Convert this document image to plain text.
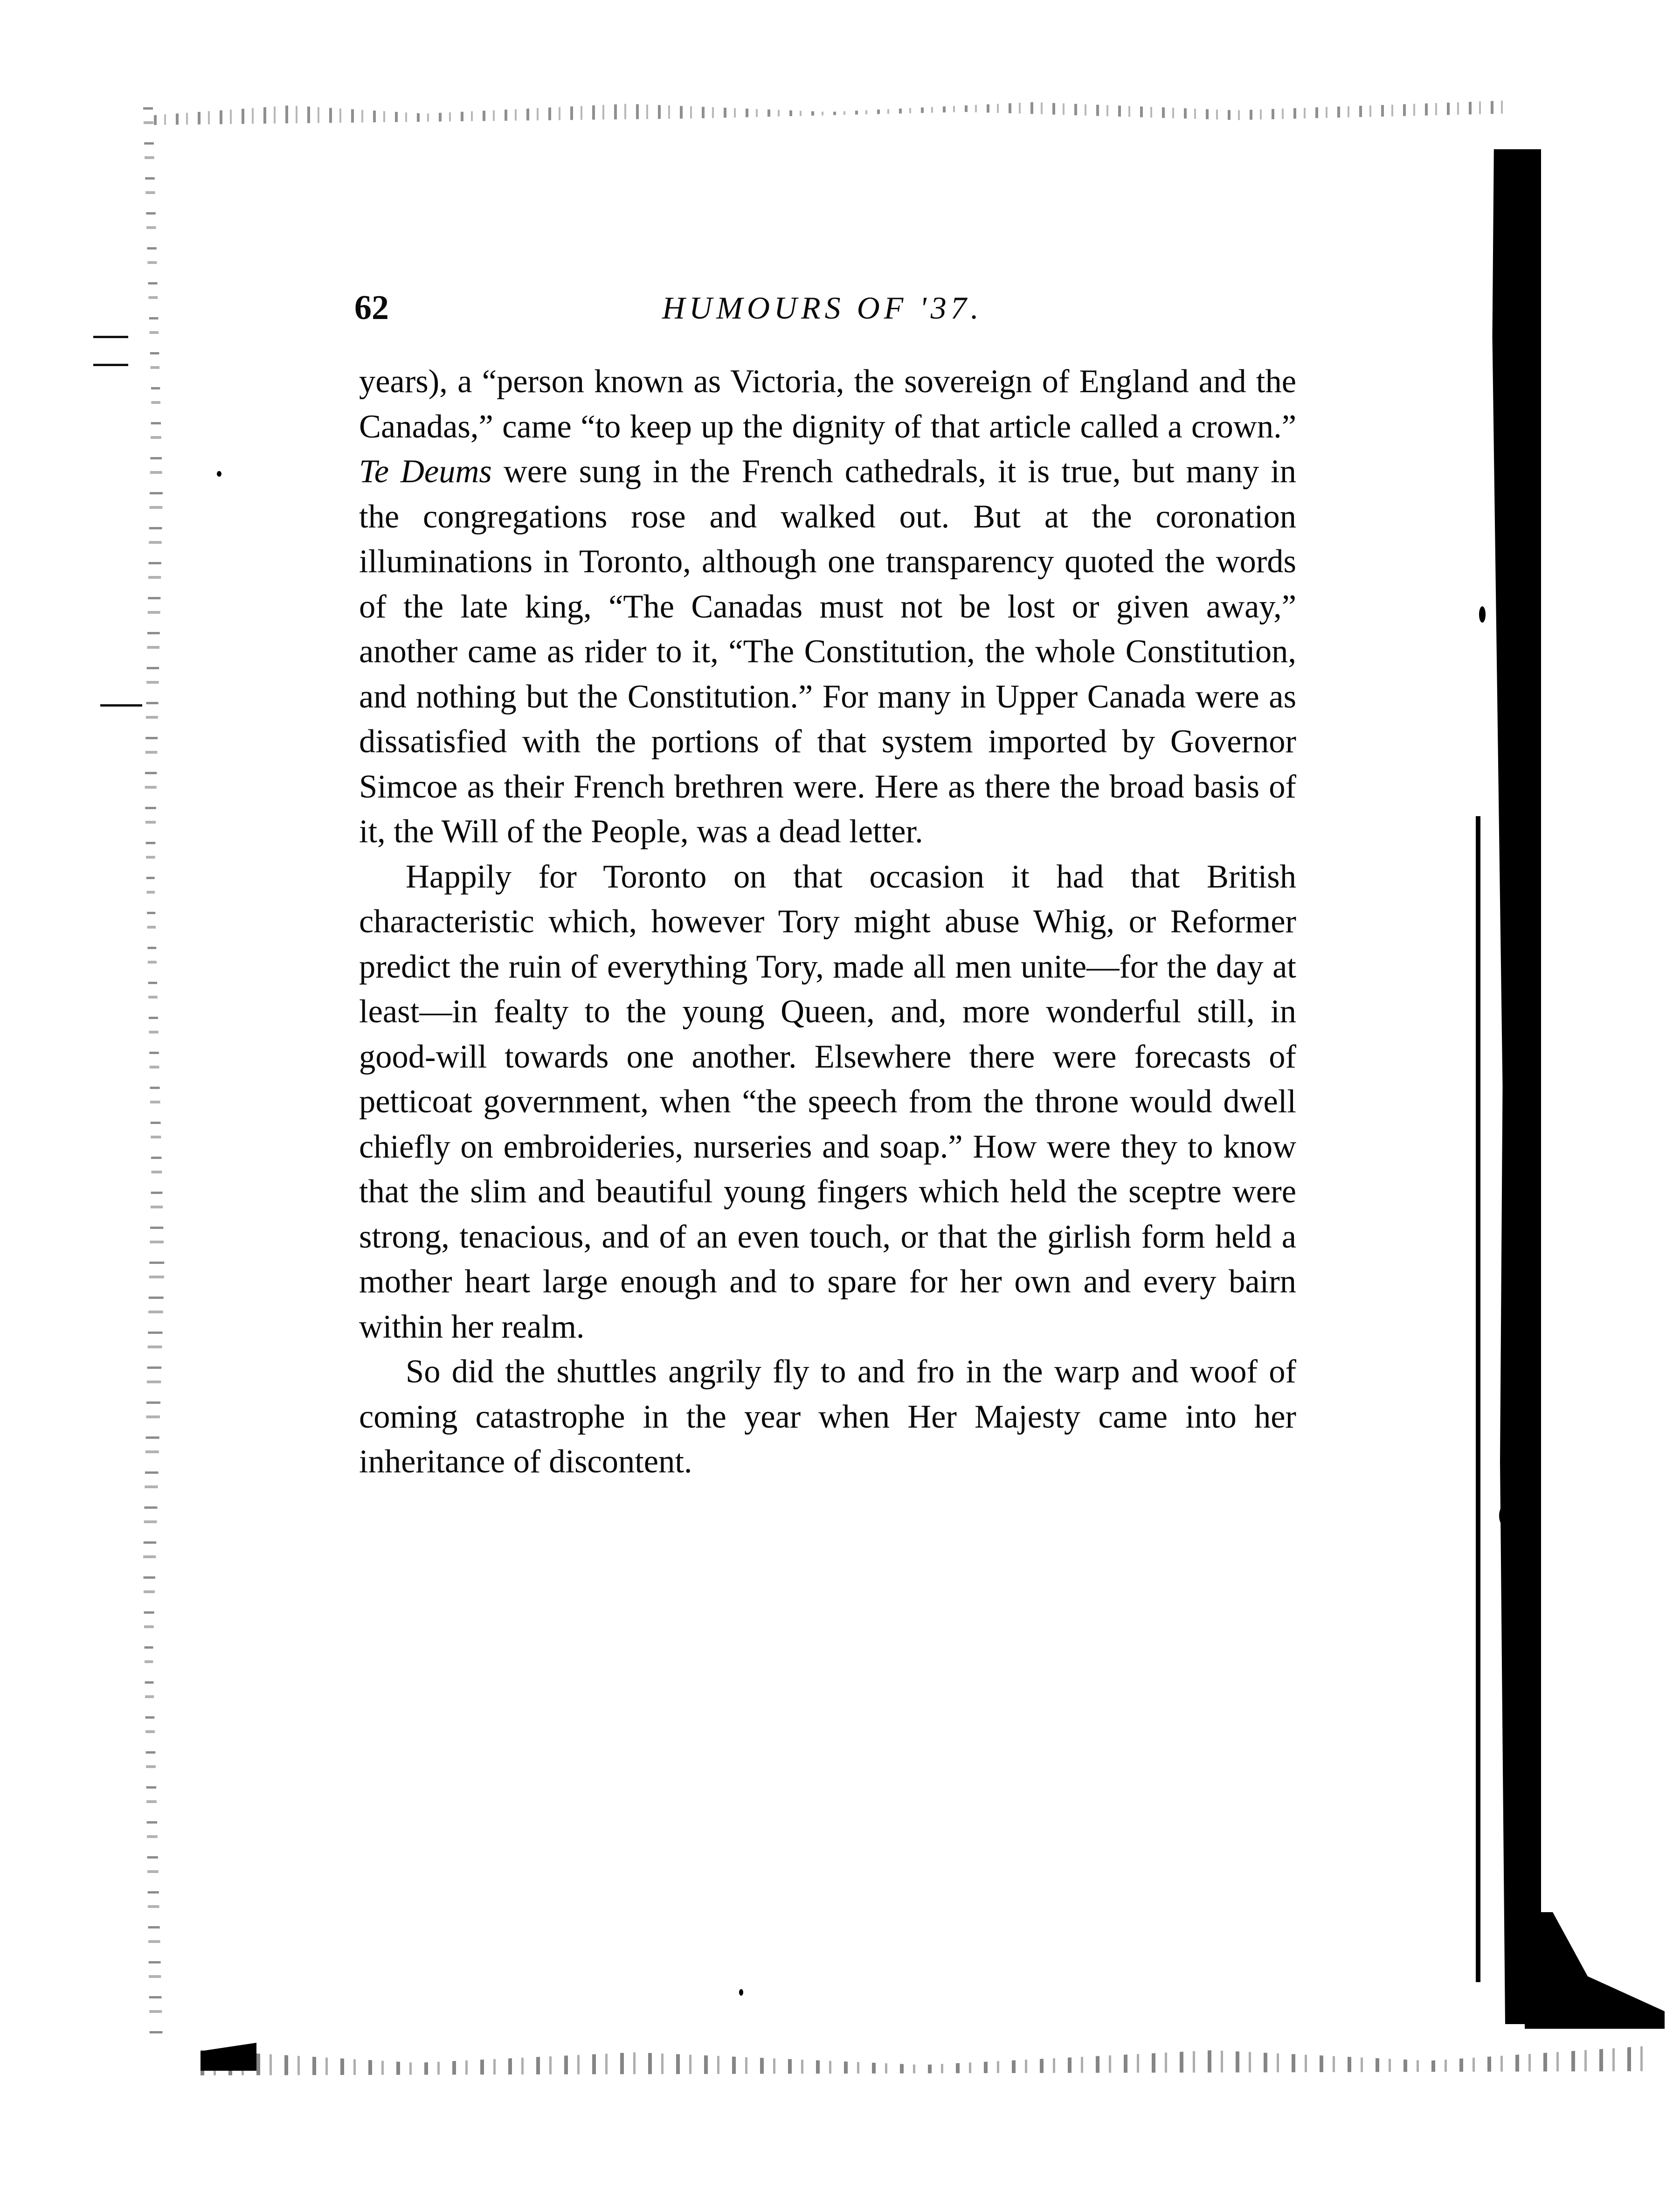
62	HUMOURS OF '37.

years), a “person known as Victoria, the sovereign of England and the Canadas,” came “to keep up the dignity of that article called a crown.” Te Deums were sung in the French cathedrals, it is true, but many in the congregations rose and walked out. But at the coronation illuminations in Toronto, although one transparency quoted the words of the late king, “The Canadas must not be lost or given away,” another came as rider to it, “The Constitution, the whole Constitution, and nothing but the Constitution.” For many in Upper Canada were as dissatisfied with the portions of that system imported by Governor Simcoe as their French brethren were. Here as there the broad basis of it, the Will of the People, was a dead letter.

Happily for Toronto on that occasion it had that British characteristic which, however Tory might abuse Whig, or Reformer predict the ruin of everything Tory, made all men unite—for the day at least—in fealty to the young Queen, and, more wonderful still, in good-will towards one another. Elsewhere there were forecasts of petticoat government, when “the speech from the throne would dwell chiefly on embroideries, nurseries and soap.” How were they to know that the slim and beautiful young fingers which held the sceptre were strong, tenacious, and of an even touch, or that the girlish form held a mother heart large enough and to spare for her own and every bairn within her realm.

So did the shuttles angrily fly to and fro in the warp and woof of coming catastrophe in the year when Her Majesty came into her inheritance of discontent.
